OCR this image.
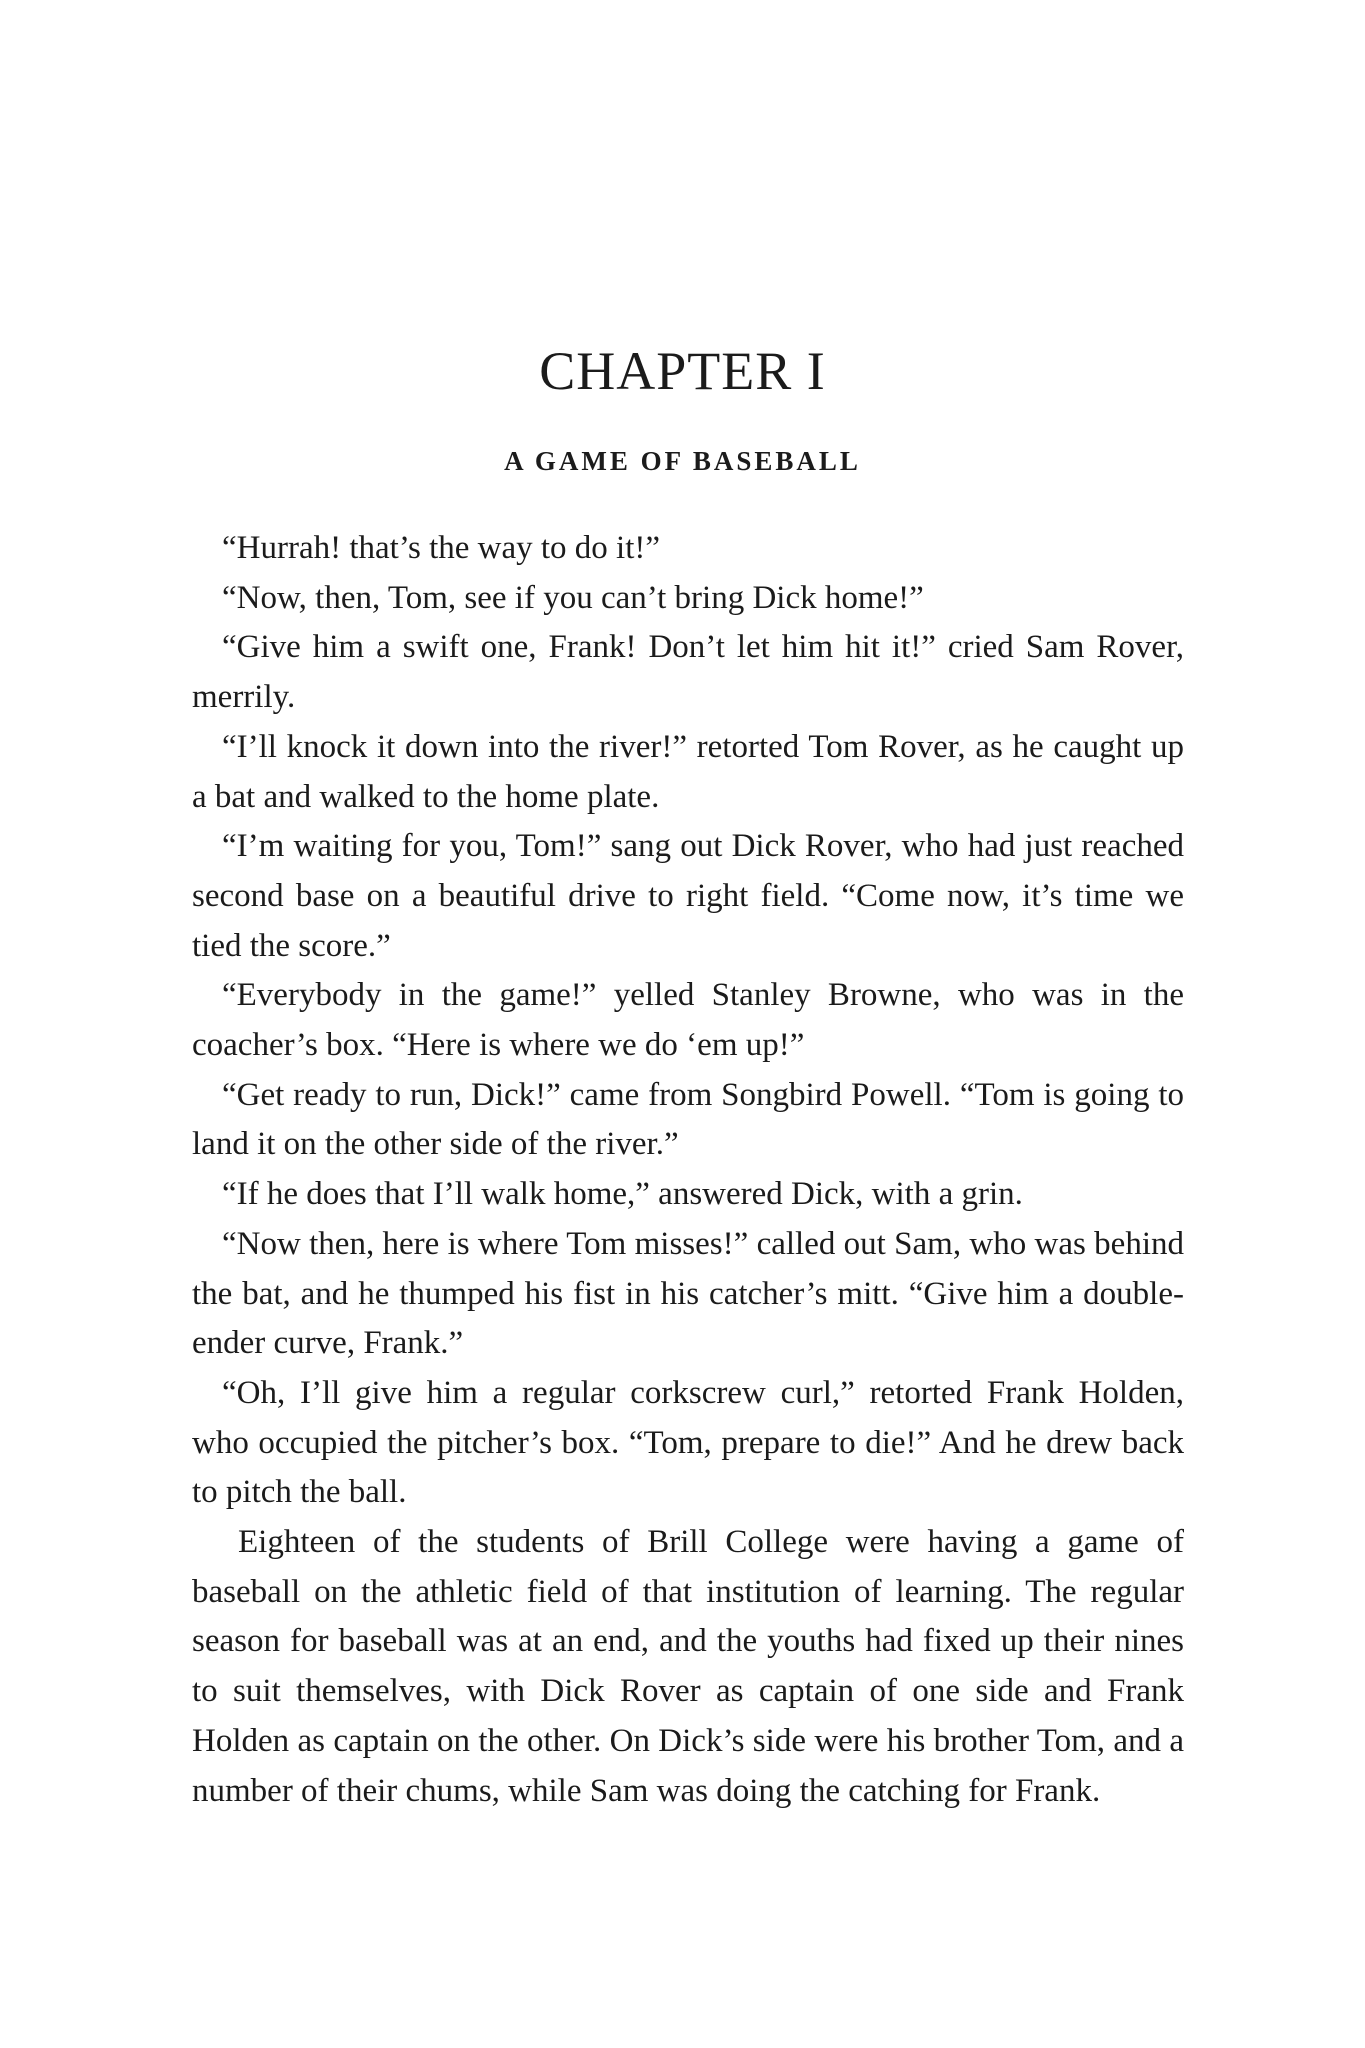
CHAPTER I
A GAME OF BASEBALL

“Hurrah! that’s the way to do it!”

“Now, then, Tom, see if you can’t bring Dick home!”

“Give him a swift one, Frank! Don’t let him hit it!” cried Sam Rover, merrily.

“I’ll knock it down into the river!” retorted Tom Rover, as he caught up a bat and walked to the home plate.

“I’m waiting for you, Tom!” sang out Dick Rover, who had just reached second base on a beautiful drive to right field. “Come now, it’s time we tied the score.”

“Everybody in the game!” yelled Stanley Browne, who was in the coacher’s box. “Here is where we do ‘em up!”

“Get ready to run, Dick!” came from Songbird Powell. “Tom is going to land it on the other side of the river.”

“If he does that I’ll walk home,” answered Dick, with a grin.

“Now then, here is where Tom misses!” called out Sam, who was behind the bat, and he thumped his fist in his catcher’s mitt. “Give him a double-ender curve, Frank.”

“Oh, I’ll give him a regular corkscrew curl,” retorted Frank Holden, who occupied the pitcher’s box. “Tom, prepare to die!” And he drew back to pitch the ball.

Eighteen of the students of Brill College were having a game of baseball on the athletic field of that institution of learning. The regular season for baseball was at an end, and the youths had fixed up their nines to suit themselves, with Dick Rover as captain of one side and Frank Holden as captain on the other. On Dick’s side were his brother Tom, and a number of their chums, while Sam was doing the catching for Frank.
